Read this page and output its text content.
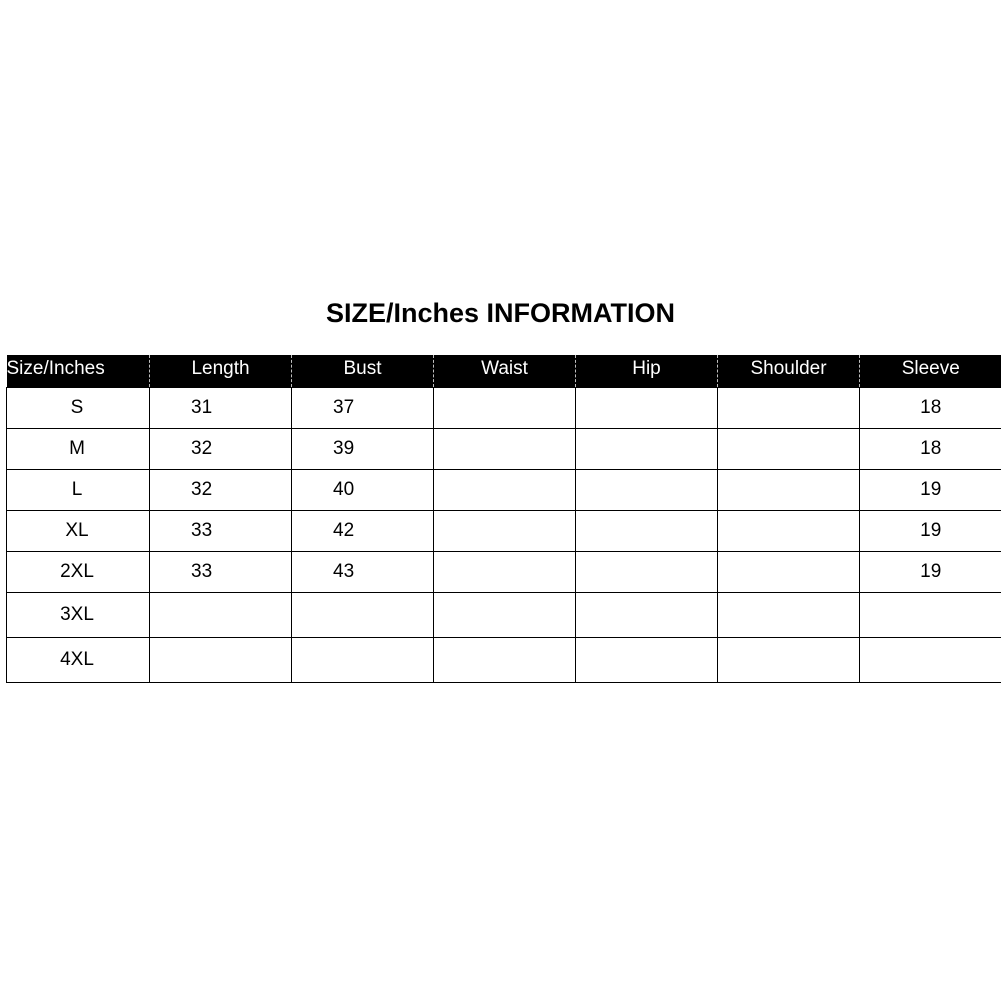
SIZE/Inches INFORMATION
Size/Inches	Length	Bust	Waist	Hip	Shoulder	Sleeve
S	31	37				18
M	32	39				18
L	32	40				19
XL	33	42				19
2XL	33	43				19
3XL						
4XL						
